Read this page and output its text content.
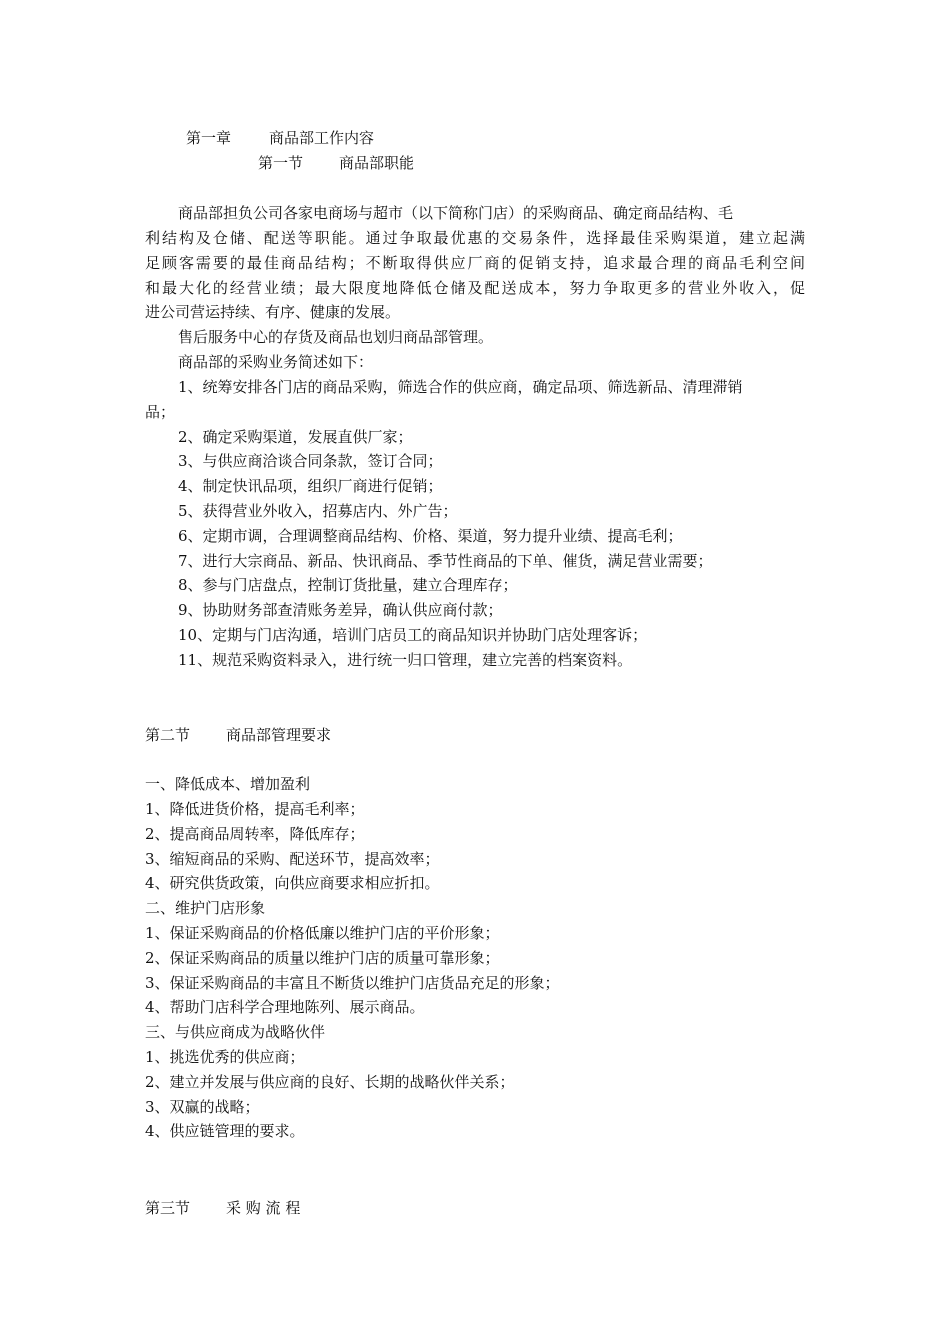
第一章	商品部工作内容
第一节 商品部职能
商品部担负公司各家电商场与超市（以下简称门店）的采购商品、确定商品结构、毛
利结构及仓储、配送等职能。通过争取最优惠的交易条件，选择最佳采购渠道，建立起满
足顾客需要的最佳商品结构；不断取得供应厂商的促销支持，追求最合理的商品毛利空间
和最大化的经营业绩；最大限度地降低仓储及配送成本，努力争取更多的营业外收入，促
进公司营运持续、有序、健康的发展。
售后服务中心的存货及商品也划归商品部管理。
商品部的采购业务简述如下：
1、统筹安排各门店的商品采购，筛选合作的供应商，确定品项、筛选新品、清理滞销
品；
2、确定采购渠道，发展直供厂家；
3、与供应商洽谈合同条款，签订合同；
4、制定快讯品项，组织厂商进行促销；
5、获得营业外收入，招募店内、外广告；
6、定期市调，合理调整商品结构、价格、渠道，努力提升业绩、提高毛利；
7、进行大宗商品、新品、快讯商品、季节性商品的下单、催货，满足营业需要；
8、参与门店盘点，控制订货批量，建立合理库存；
9、协助财务部查清账务差异，确认供应商付款；
10、定期与门店沟通，培训门店员工的商品知识并协助门店处理客诉；
11、规范采购资料录入，进行统一归口管理，建立完善的档案资料。
第二节 商品部管理要求
一、降低成本、增加盈利
1、降低进货价格，提高毛利率；
2、提高商品周转率，降低库存；
3、缩短商品的采购、配送环节，提高效率；
4、研究供货政策，向供应商要求相应折扣。
二、维护门店形象
1、保证采购商品的价格低廉以维护门店的平价形象；
2、保证采购商品的质量以维护门店的质量可靠形象；
3、保证采购商品的丰富且不断货以维护门店货品充足的形象；
4、帮助门店科学合理地陈列、展示商品。
三、与供应商成为战略伙伴
1、挑选优秀的供应商；
2、建立并发展与供应商的良好、长期的战略伙伴关系；
3、双赢的战略；
4、供应链管理的要求。
第三节 采 购 流 程
